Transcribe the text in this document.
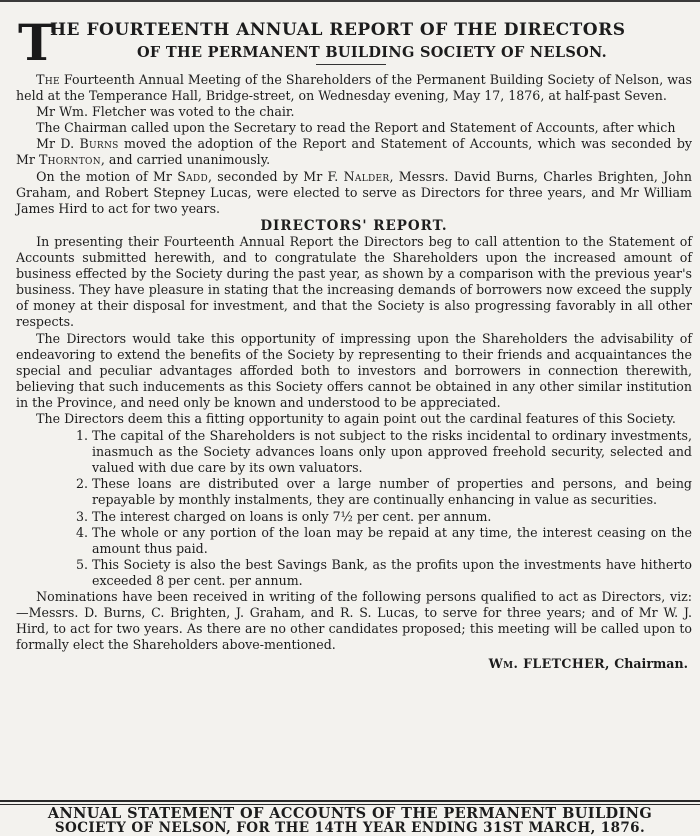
T
HE FOURTEENTH ANNUAL REPORT OF THE DIRECTORS
OF THE PERMANENT BUILDING SOCIETY OF NELSON.

The Fourteenth Annual Meeting of the Shareholders of the Permanent Building Society of Nelson, was held at the Temperance Hall, Bridge-street, on Wednesday evening, May 17, 1876, at half-past Seven.

Mr Wm. Fletcher was voted to the chair.

The Chairman called upon the Secretary to read the Report and Statement of Accounts, after which

Mr D. Burns moved the adoption of the Report and Statement of Accounts, which was seconded by Mr Thornton, and carried unanimously.

On the motion of Mr Sadd, seconded by Mr F. Nalder, Messrs. David Burns, Charles Brighten, John Graham, and Robert Stepney Lucas, were elected to serve as Directors for three years, and Mr William James Hird to act for two years.

DIRECTORS' REPORT.

In presenting their Fourteenth Annual Report the Directors beg to call attention to the Statement of Accounts submitted herewith, and to congratulate the Shareholders upon the increased amount of business effected by the Society during the past year, as shown by a comparison with the previous year's business. They have pleasure in stating that the increasing demands of borrowers now exceed the supply of money at their disposal for investment, and that the Society is also progressing favorably in all other respects.

The Directors would take this opportunity of impressing upon the Shareholders the advisability of endeavoring to extend the benefits of the Society by representing to their friends and acquaintances the special and peculiar advantages afforded both to investors and borrowers in connection therewith, believing that such inducements as this Society offers cannot be obtained in any other similar institution in the Province, and need only be known and understood to be appreciated.

The Directors deem this a fitting opportunity to again point out the cardinal features of this Society.

1. The capital of the Shareholders is not subject to the risks incidental to ordinary investments, inasmuch as the Society advances loans only upon approved freehold security, selected and valued with due care by its own valuators.
2. These loans are distributed over a large number of properties and persons, and being repayable by monthly instalments, they are continually enhancing in value as securities.
3. The interest charged on loans is only 7½ per cent. per annum.
4. The whole or any portion of the loan may be repaid at any time, the interest ceasing on the amount thus paid.
5. This Society is also the best Savings Bank, as the profits upon the investments have hitherto exceeded 8 per cent. per annum.

Nominations have been received in writing of the following persons qualified to act as Directors, viz:—Messrs. D. Burns, C. Brighten, J. Graham, and R. S. Lucas, to serve for three years; and of Mr W. J. Hird, to act for two years. As there are no other candidates proposed; this meeting will be called upon to formally elect the Shareholders above-mentioned.

Wm. FLETCHER, Chairman.
ANNUAL STATEMENT OF ACCOUNTS OF THE PERMANENT BUILDING
SOCIETY OF NELSON, FOR THE 14TH YEAR ENDING 31ST MARCH, 1876.
